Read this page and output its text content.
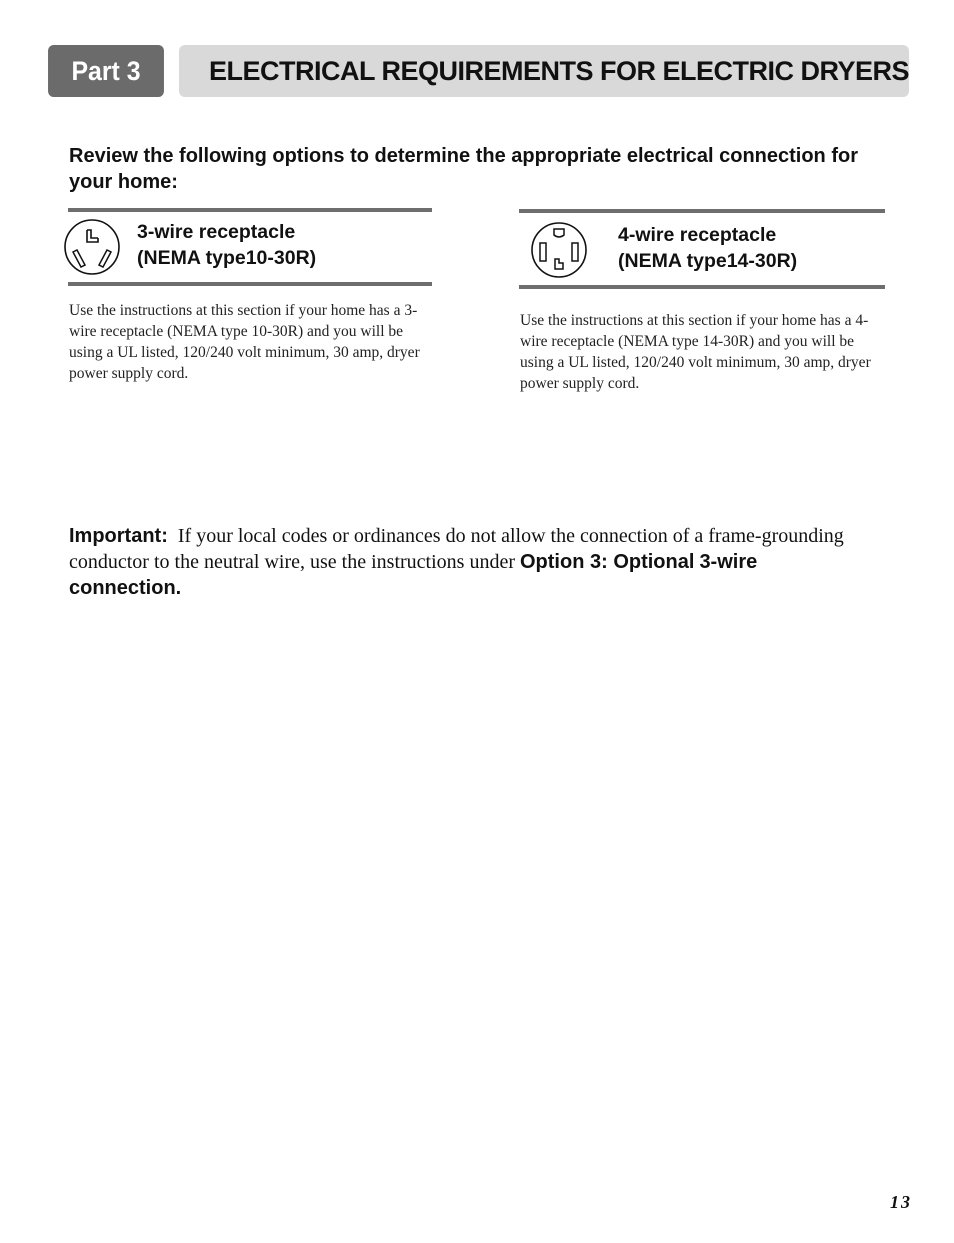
Part 3	ELECTRICAL REQUIREMENTS FOR ELECTRIC DRYERS
Review the following options to determine the appropriate electrical connection for your home:
3-wire receptacle
(NEMA type10-30R)
Use the instructions at this section if your home has a 3-wire receptacle (NEMA type 10-30R) and you will be using a UL listed, 120/240 volt minimum, 30 amp, dryer power supply cord.
4-wire receptacle
(NEMA type14-30R)
Use the instructions at this section if your home has a 4-wire receptacle (NEMA type 14-30R) and you will be using a UL listed, 120/240 volt minimum, 30 amp, dryer power supply cord.
Important: If your local codes or ordinances do not allow the connection of a frame-grounding conductor to the neutral wire, use the instructions under Option 3: Optional 3-wire connection.
13
